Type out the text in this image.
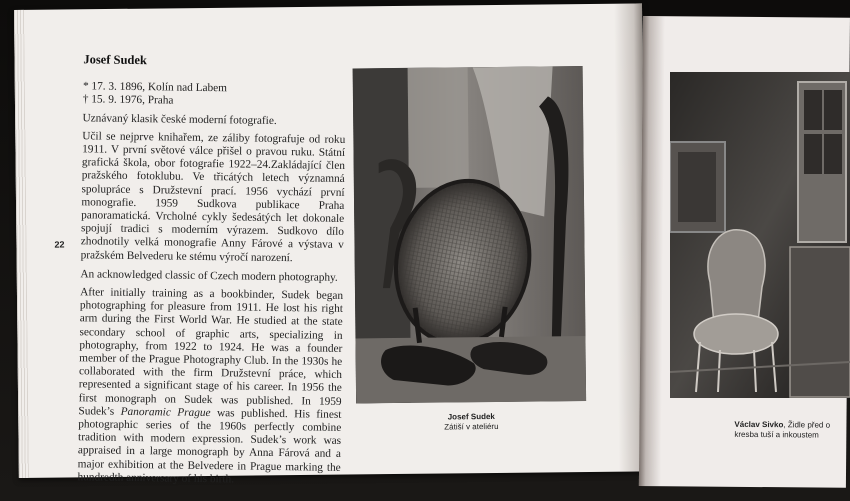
22
Josef Sudek

* 17. 3. 1896, Kolín nad Labem

† 15. 9. 1976, Praha

Uznávaný klasik české moderní fotografie.

Učil se nejprve knihařem, ze záliby fotografuje od roku 1911. V první světové válce přišel o pravou ruku. Státní grafická škola, obor fotografie 1922–24.Zakládající člen pražského fotoklubu. Ve třicátých letech významná spolupráce s Družstevní prací. 1956 vychází první monografie. 1959 Sudkova publikace Praha panoramatická. Vrcholné cykly šedesátých let dokonale spojují tradici s moderním výrazem. Sudkovo dílo zhodnotily velká monografie Anny Fárové a výstava v pražském Belvederu ke stému výročí narození.

An acknowledged classic of Czech modern photography.

After initially training as a bookbinder, Sudek began photographing for pleasure from 1911. He lost his right arm during the First World War. He studied at the state secondary school of graphic arts, specializing in photography, from 1922 to 1924. He was a founder member of the Prague Photography Club. In the 1930s he collaborated with the firm Družstevní práce, which represented a significant stage of his career. In 1956 the first monograph on Sudek was published. In 1959 Sudek’s Panoramic Prague was published. His finest photographic series of the 1960s perfectly combine tradition with modern expression. Sudek’s work was appraised in a large monograph by Anna Fárová and a major exhibition at the Belvedere in Prague marking the hundredth anniversary of his birth.

Josef Sudek
Zátiší v ateliéru	Václav Sivko, Židle před o
kresba tuší a inkoustem
